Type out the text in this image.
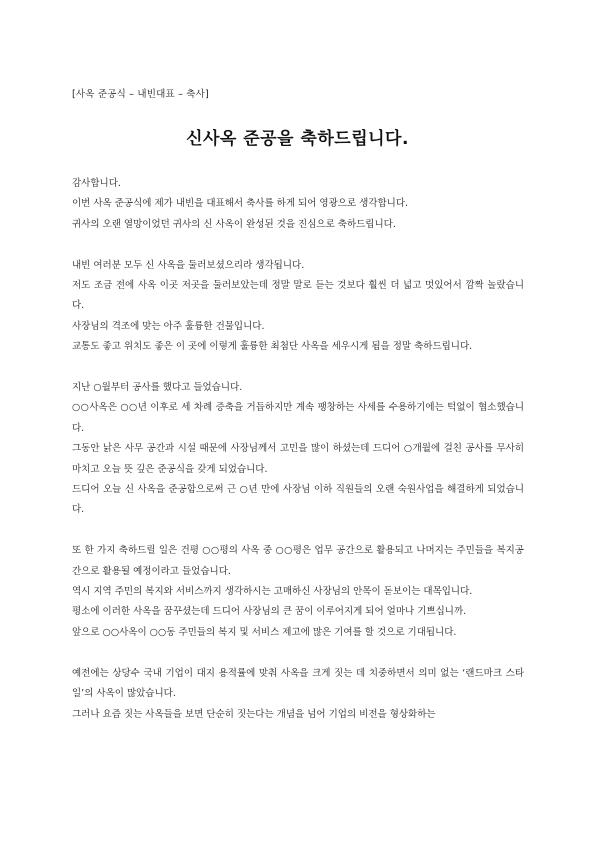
[사옥 준공식 – 내빈대표 – 축사]
신사옥 준공을 축하드립니다.

감사합니다.

이번 사옥 준공식에 제가 내빈을 대표해서 축사를 하게 되어 영광으로 생각합니다.

귀사의 오랜 열망이었던 귀사의 신 사옥이 완성된 것을 진심으로 축하드립니다.

내빈 여러분 모두 신 사옥을 둘러보셨으리라 생각됩니다.

저도 조금 전에 사옥 이곳 저곳을 둘러보았는데 정말 말로 듣는 것보다 훨씬 더 넓고 멋있어서 깜짝 놀랐습니다.

사장님의 격조에 맞는 아주 훌륭한 건물입니다.

교통도 좋고 위치도 좋은 이 곳에 이렇게 훌륭한 최첨단 사옥을 세우시게 됨을 정말 축하드립니다.

지난 ○월부터 공사를 했다고 들었습니다.

○○사옥은 ○○년 이후로 세 차례 증축을 거듭하지만 계속 팽창하는 사세를 수용하기에는 턱없이 협소했습니다.

그동안 낡은 사무 공간과 시설 때문에 사장님께서 고민을 많이 하셨는데 드디어 ○개월에 걸친 공사를 무사히 마치고 오늘 뜻 깊은 준공식을 갖게 되었습니다.

드디어 오늘 신 사옥을 준공함으로써 근 ○년 만에 사장님 이하 직원들의 오랜 숙원사업을 해결하게 되었습니다.

또 한 가지 축하드릴 일은 건평 ○○평의 사옥 중 ○○평은 업무 공간으로 활용되고 나머지는 주민들을 복지공간으로 활용될 예정이라고 들었습니다.

역시 지역 주민의 복지와 서비스까지 생각하시는 고매하신 사장님의 안목이 돋보이는 대목입니다.

평소에 이러한 사옥을 꿈꾸셨는데 드디어 사장님의 큰 꿈이 이루어지게 되어 얼마나 기쁘십니까.

앞으로 ○○사옥이 ○○동 주민들의 복지 및 서비스 제고에 많은 기여를 할 것으로 기대됩니다.

예전에는 상당수 국내 기업이 대지 용적률에 맞춰 사옥을 크게 짓는 데 치중하면서 의미 없는 ‘랜드마크 스타일’의 사옥이 많았습니다.

그러나 요즘 짓는 사옥들을 보면 단순히 짓는다는 개념을 넘어 기업의 비전을 형상화하는
